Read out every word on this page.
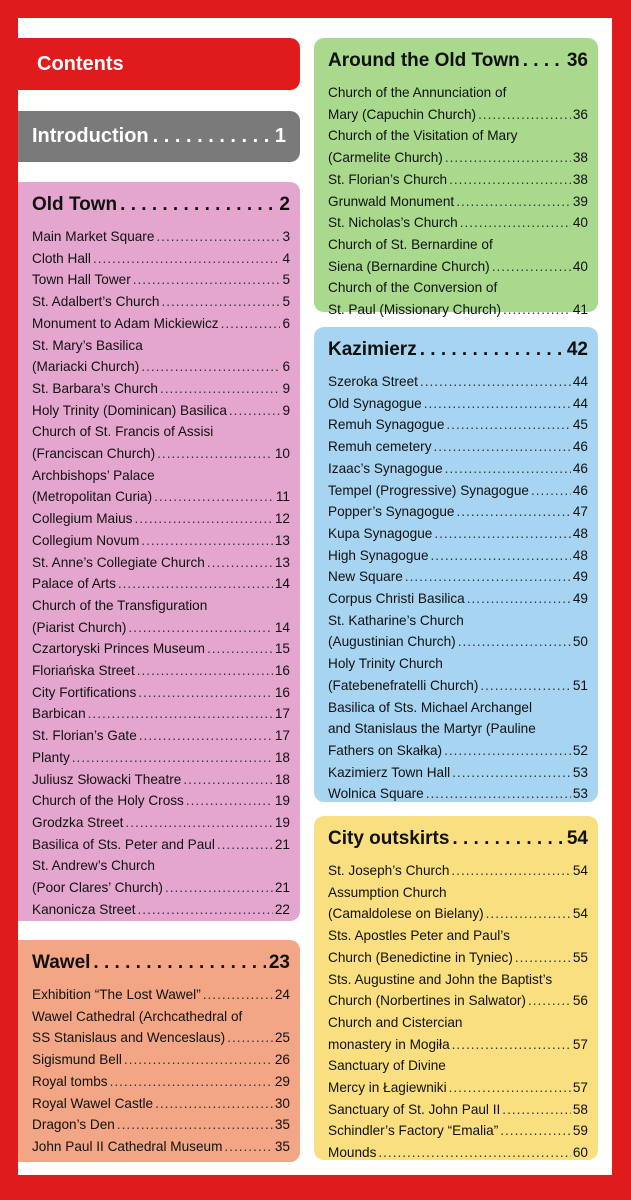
Contents
Introduction . . .	1
Old Town . . .	2
Main Market Square .....	3
Cloth Hall .....	4
Town Hall Tower .....	5
St. Adalbert’s Church .....	5
Monument to Adam Mickiewicz .....	6
St. Mary’s Basilica
(Mariacki Church) .....	6
St. Barbara’s Church .....	9
Holy Trinity (Dominican) Basilica .....	9
Church of St. Francis of Assisi
(Franciscan Church) .....	10
Archbishops’ Palace
(Metropolitan Curia) .....	11
Collegium Maius .....	12
Collegium Novum .....	13
St. Anne’s Collegiate Church .....	13
Palace of Arts .....	14
Church of the Transfiguration
(Piarist Church) .....	14
Czartoryski Princes Museum .....	15
Floriańska Street .....	16
City Fortifications .....	16
Barbican .....	17
St. Florian’s Gate .....	17
Planty .....	18
Juliusz Słowacki Theatre .....	18
Church of the Holy Cross .....	19
Grodzka Street .....	19
Basilica of Sts. Peter and Paul .....	21
St. Andrew’s Church
(Poor Clares’ Church) .....	21
Kanonicza Street .....	22
Wawel . . .	23
Exhibition “The Lost Wawel” .....	24
Wawel Cathedral (Archcathedral of
SS Stanislaus and Wenceslaus) .....	25
Sigismund Bell .....	26
Royal tombs .....	29
Royal Wawel Castle .....	30
Dragon’s Den .....	35
John Paul II Cathedral Museum .....	35
Around the Old Town . . . 36
Church of the Annunciation of
Mary (Capuchin Church) .....	36
Church of the Visitation of Mary
(Carmelite Church) .....	38
St. Florian’s Church .....	38
Grunwald Monument .....	39
St. Nicholas’s Church .....	40
Church of St. Bernardine of
Siena (Bernardine Church) .....	40
Church of the Conversion of
St. Paul (Missionary Church) .....	41
Kazimierz . . .	42
Szeroka Street .....	44
Old Synagogue .....	44
Remuh Synagogue .....	45
Remuh cemetery .....	46
Izaac’s Synagogue .....	46
Tempel (Progressive) Synagogue .....	46
Popper’s Synagogue .....	47
Kupa Synagogue .....	48
High Synagogue .....	48
New Square .....	49
Corpus Christi Basilica .....	49
St. Katharine’s Church
(Augustinian Church) .....	50
Holy Trinity Church
(Fatebenefratelli Church) .....	51
Basilica of Sts. Michael Archangel
and Stanislaus the Martyr (Pauline
Fathers on Skałka) .....	52
Kazimierz Town Hall .....	53
Wolnica Square .....	53
City outskirts . . .	54
St. Joseph’s Church .....	54
Assumption Church
(Camaldolese on Bielany) .....	54
Sts. Apostles Peter and Paul’s
Church (Benedictine in Tyniec) .....	55
Sts. Augustine and John the Baptist’s
Church (Norbertines in Salwator) .....	56
Church and Cistercian
monastery in Mogiła .....	57
Sanctuary of Divine
Mercy in Łagiewniki .....	57
Sanctuary of St. John Paul II .....	58
Schindler’s Factory “Emalia” .....	59
Mounds .....	60
